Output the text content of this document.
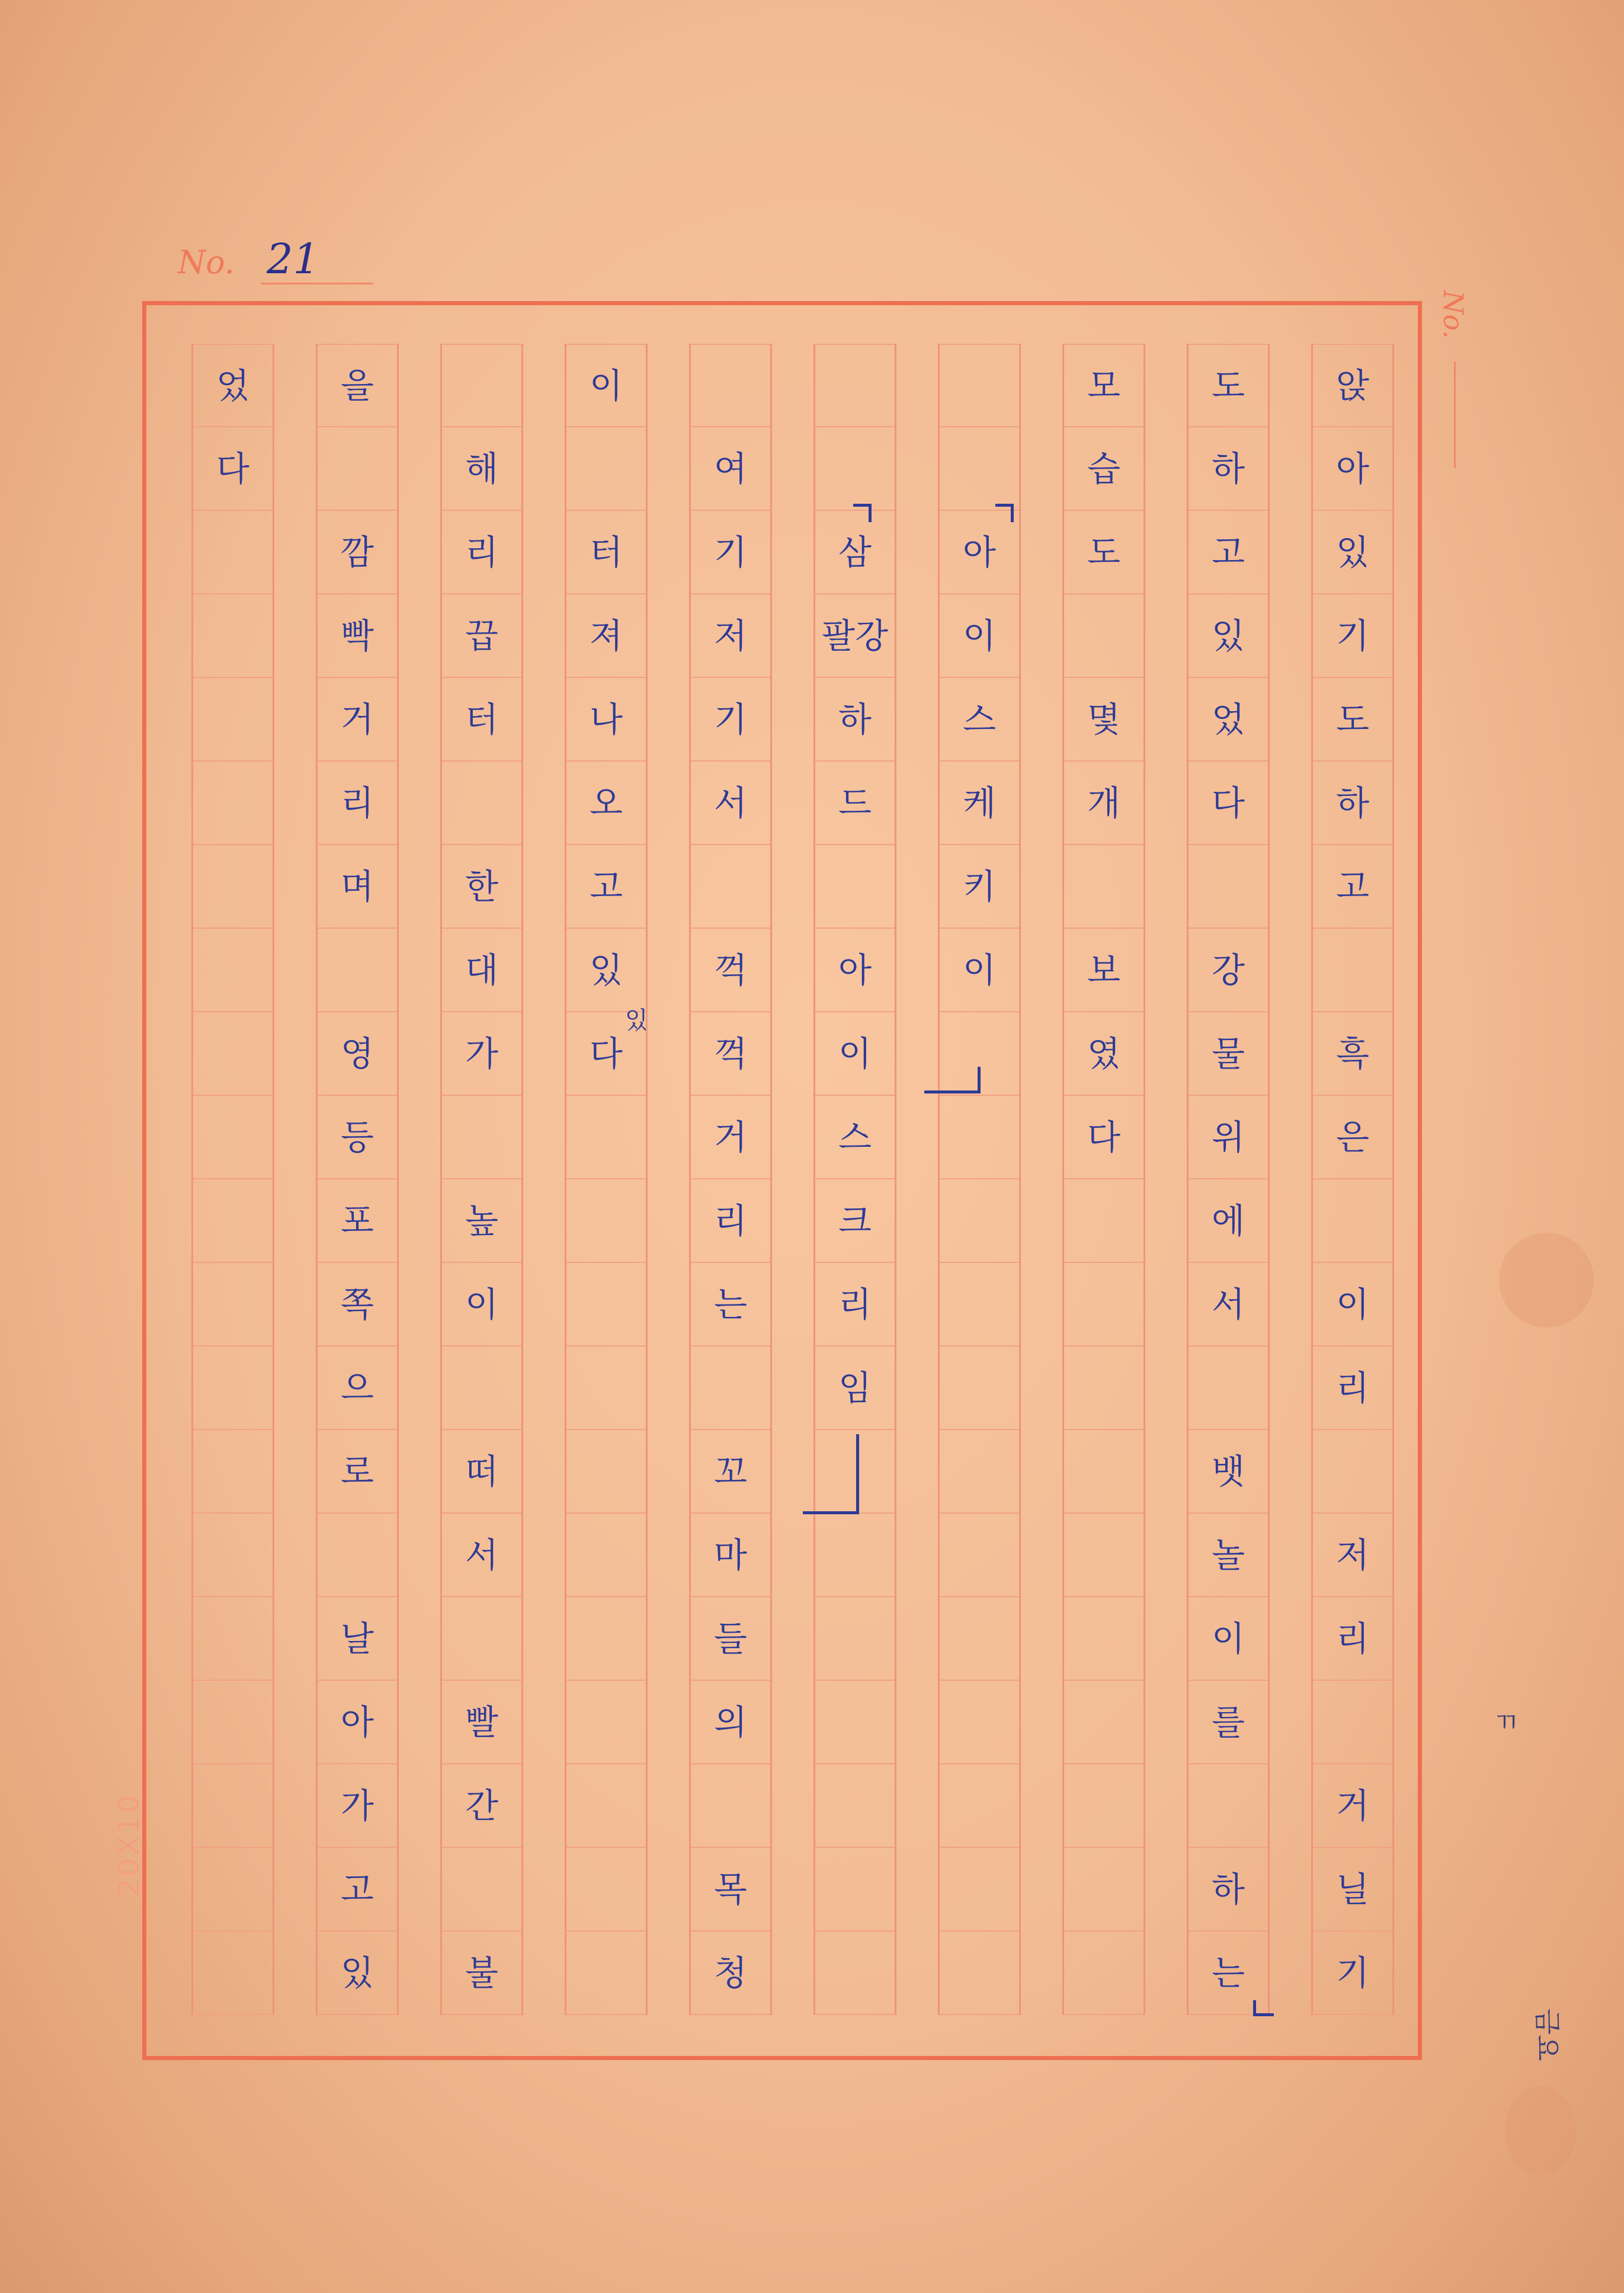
No. 21
No.
앉
아
있
기
도
하
고
흑
은
이
리
저
리
거
닐
기
도
하
고
있
었
다
강
물
위
에
서
뱃
놀
이
를
하
는
모
습
도
몇
개
보
였
다
아
이
스
케
키
이
삼
팔강
하
드
아
이
스
크
리
임
여
기
저
기
서
꺽
꺽
거
리
는
꼬
마
들
의
목
청
이
터
져
나
오
고
있
다
해
리
끕
터
한
대
가
높
이
떠
서
빨
간
불
을
깜
빡
거
리
며
영
등
포
쪽
으
로
날
아
가
고
있
었
다
20X10
ㄲ
금요
있
